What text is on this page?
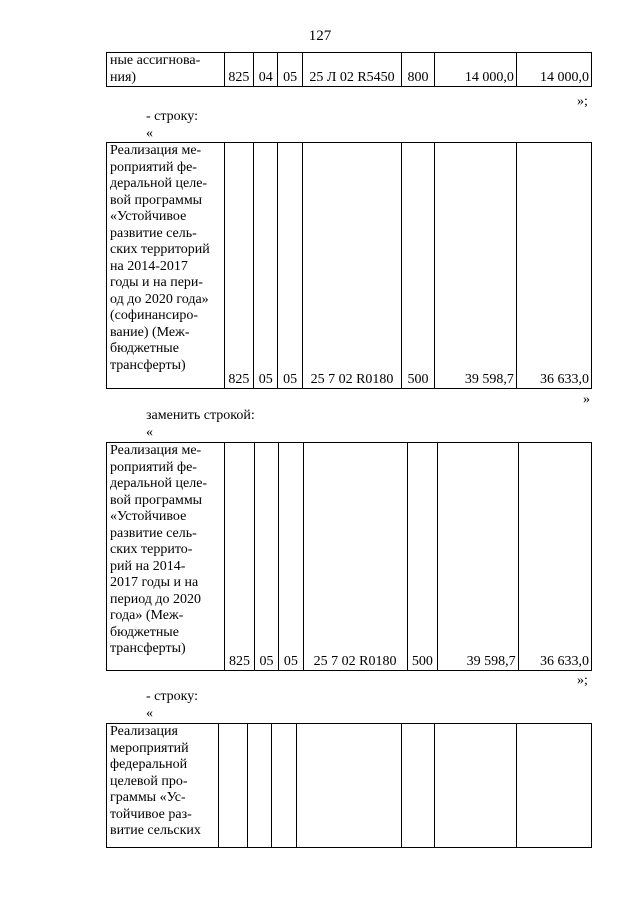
127
ные ассигнова-
ния)	825	04	05	25 Л 02 R5450	800	14 000,0	14 000,0
»;
- строку:
«
Реализация ме-
роприятий фе-
деральной целе-
вой программы
«Устойчивое
развитие сель-
ских территорий
на 2014-2017
годы и на пери-
од до 2020 года»
(софинансиро-
вание) (Меж-
бюджетные
трансферты)
	825	05	05	25 7 02 R0180	500	39 598,7	36 633,0
»
заменить строкой:
«
Реализация ме-
роприятий фе-
деральной целе-
вой программы
«Устойчивое
развитие сель-
ских террито-
рий на 2014-
2017 годы и на
период до 2020
года» (Меж-
бюджетные
трансферты)
	825	05	05	25 7 02 R0180	500	39 598,7	36 633,0
»;
- строку:
«
Реализация
мероприятий
федеральной
целевой про-
граммы «Ус-
тойчивое раз-
витие сельских
